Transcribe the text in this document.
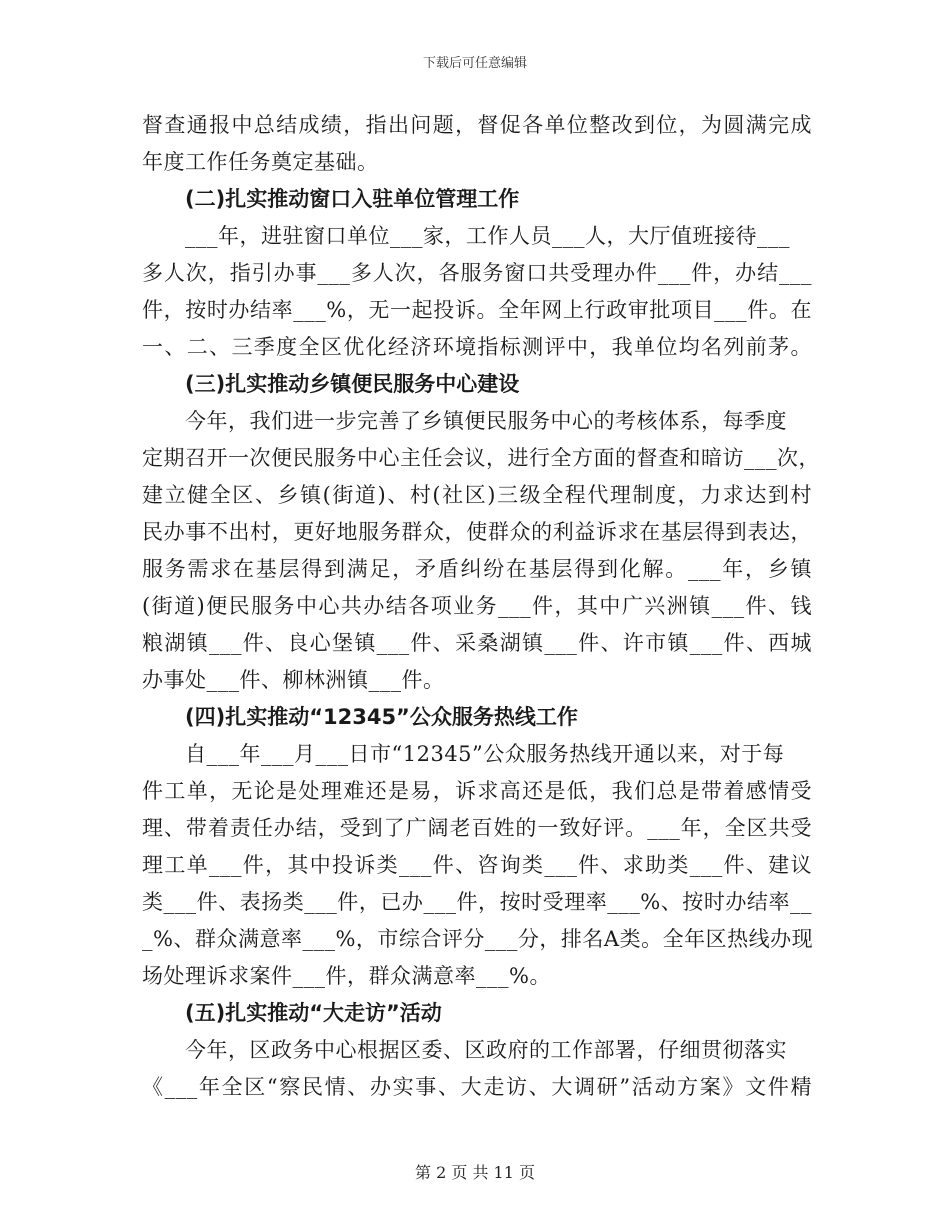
下载后可任意编辑
督查通报中总结成绩，指出问题，督促各单位整改到位，为圆满完成
年度工作任务奠定基础。
(二)扎实推动窗口入驻单位管理工作
___年，进驻窗口单位___家，工作人员___人，大厅值班接待___
多人次，指引办事___多人次，各服务窗口共受理办件___件，办结___
件，按时办结率___%，无一起投诉。全年网上行政审批项目___件。在
一、二、三季度全区优化经济环境指标测评中，我单位均名列前茅。
(三)扎实推动乡镇便民服务中心建设
今年，我们进一步完善了乡镇便民服务中心的考核体系，每季度
定期召开一次便民服务中心主任会议，进行全方面的督查和暗访___次，
建立健全区、乡镇(街道)、村(社区)三级全程代理制度，力求达到村
民办事不出村，更好地服务群众，使群众的利益诉求在基层得到表达，
服务需求在基层得到满足，矛盾纠纷在基层得到化解。___年，乡镇
(街道)便民服务中心共办结各项业务___件，其中广兴洲镇___件、钱
粮湖镇___件、良心堡镇___件、采桑湖镇___件、许市镇___件、西城
办事处___件、柳林洲镇___件。
(四)扎实推动“12345”公众服务热线工作
自___年___月___日市“12345”公众服务热线开通以来，对于每
件工单，无论是处理难还是易，诉求高还是低，我们总是带着感情受
理、带着责任办结，受到了广阔老百姓的一致好评。___年，全区共受
理工单___件，其中投诉类___件、咨询类___件、求助类___件、建议
类___件、表扬类___件，已办___件，按时受理率___%、按时办结率__
_%、群众满意率___%，市综合评分___分，排名A类。全年区热线办现
场处理诉求案件___件，群众满意率___%。
(五)扎实推动“大走访”活动
今年，区政务中心根据区委、区政府的工作部署，仔细贯彻落实
《___年全区“察民情、办实事、大走访、大调研”活动方案》文件精
第 2 页 共 11 页
